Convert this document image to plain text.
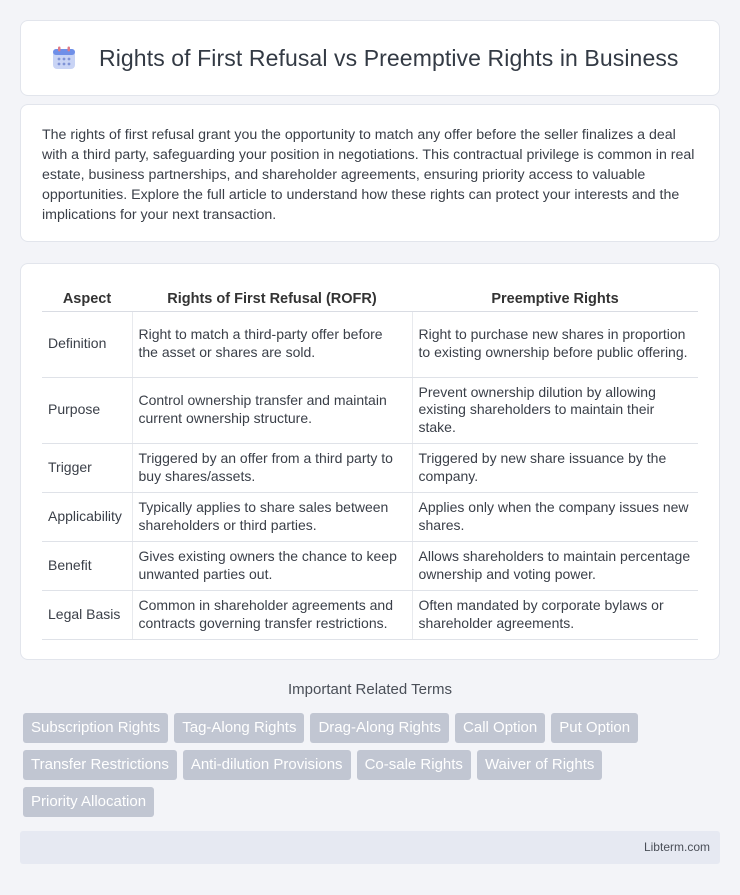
Rights of First Refusal vs Preemptive Rights in Business

The rights of first refusal grant you the opportunity to match any offer before the seller finalizes a deal with a third party, safeguarding your position in negotiations. This contractual privilege is common in real estate, business partnerships, and shareholder agreements, ensuring priority access to valuable opportunities. Explore the full article to understand how these rights can protect your interests and the implications for your next transaction.

Aspect	Rights of First Refusal (ROFR)	Preemptive Rights
Definition	Right to match a third-party offer before the asset or shares are sold.	Right to purchase new shares in proportion to existing ownership before public offering.
Purpose	Control ownership transfer and maintain current ownership structure.	Prevent ownership dilution by allowing existing shareholders to maintain their stake.
Trigger	Triggered by an offer from a third party to buy shares/assets.	Triggered by new share issuance by the company.
Applicability	Typically applies to share sales between shareholders or third parties.	Applies only when the company issues new shares.
Benefit	Gives existing owners the chance to keep unwanted parties out.	Allows shareholders to maintain percentage ownership and voting power.
Legal Basis	Common in shareholder agreements and contracts governing transfer restrictions.	Often mandated by corporate bylaws or shareholder agreements.
Important Related Terms
Subscription Rights	Tag-Along Rights	Drag-Along Rights	Call Option	Put Option
Transfer Restrictions	Anti-dilution Provisions	Co-sale Rights	Waiver of Rights
Priority Allocation
Libterm.com
